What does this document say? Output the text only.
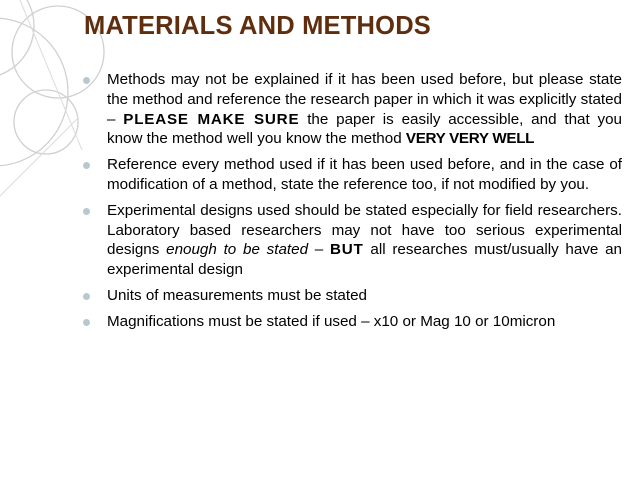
MATERIALS AND METHODS
Methods may not be explained if it has been used before, but please state the method and reference the research paper in which it was explicitly stated – PLEASE MAKE SURE the paper is easily accessible, and that you know the method well you know the method VERY VERY WELL
Reference every method used if it has been used before, and in the case of modification of a method, state the reference too, if not modified by you.
Experimental designs used should be stated especially for field researchers. Laboratory based researchers may not have too serious experimental designs enough to be stated – BUT all researches must/usually have an experimental design
Units of measurements must be stated
Magnifications must be stated if used – x10 or Mag 10 or 10micron
